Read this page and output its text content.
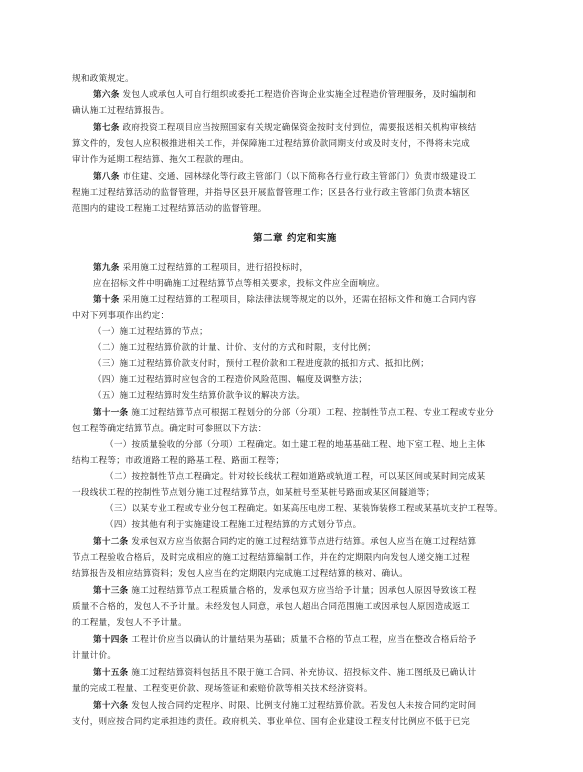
规和政策规定。
第六条 发包人或承包人可自行组织或委托工程造价咨询企业实施全过程造价管理服务，及时编制和
确认施工过程结算报告。
第七条 政府投资工程项目应当按照国家有关规定确保资金按时支付到位，需要报送相关机构审核结
算文件的，发包人应积极推进相关工作，并保障施工过程结算价款同期支付或及时支付，不得将未完成
审计作为延期工程结算、拖欠工程款的理由。
第八条 市住建、交通、园林绿化等行政主管部门（以下简称各行业行政主管部门）负责市级建设工
程施工过程结算活动的监督管理，并指导区县开展监督管理工作；区县各行业行政主管部门负责本辖区
范围内的建设工程施工过程结算活动的监督管理。
第二章 约定和实施
第九条 采用施工过程结算的工程项目，进行招投标时，
应在招标文件中明确施工过程结算节点等相关要求，投标文件应全面响应。
第十条 采用施工过程结算的工程项目，除法律法规等规定的以外，还需在招标文件和施工合同内容
中对下列事项作出约定：
（一）施工过程结算的节点；
（二）施工过程结算价款的计量、计价、支付的方式和时限，支付比例；
（三）施工过程结算价款支付时，预付工程价款和工程进度款的抵扣方式、抵扣比例；
（四）施工过程结算时应包含的工程造价风险范围、幅度及调整方法；
（五）施工过程结算时发生结算价款争议的解决方法。
第十一条 施工过程结算节点可根据工程划分的分部（分项）工程、控制性节点工程、专业工程或专业分
包工程等确定结算节点。确定时可参照以下方法：
（一）按质量验收的分部（分项）工程确定。如土建工程的地基基础工程、地下室工程、地上主体
结构工程等；市政道路工程的路基工程、路面工程等；
（二）按控制性节点工程确定。针对较长线状工程如道路或轨道工程，可以某区间或某时间完成某
一段线状工程的控制性节点划分施工过程结算节点，如某桩号至某桩号路面或某区间隧道等；
（三）以某专业工程或专业分包工程确定。如某高压电房工程、某装饰装修工程或某基坑支护工程等。
（四）按其他有利于实施建设工程施工过程结算的方式划分节点。
第十二条 发承包双方应当依据合同约定的施工过程结算节点进行结算。承包人应当在施工过程结算
节点工程验收合格后，及时完成相应的施工过程结算编制工作，并在约定期限内向发包人递交施工过程
结算报告及相应结算资料；发包人应当在约定期限内完成施工过程结算的核对、确认。
第十三条 施工过程结算节点工程质量合格的，发承包双方应当给予计量；因承包人原因导致该工程
质量不合格的，发包人不予计量。未经发包人同意，承包人超出合同范围施工或因承包人原因造成返工
的工程量，发包人不予计量。
第十四条 工程计价应当以确认的计量结果为基础；质量不合格的节点工程，应当在整改合格后给予
计量计价。
第十五条 施工过程结算资料包括且不限于施工合同、补充协议、招投标文件、施工图纸及已确认计
量的完成工程量、工程变更价款、现场签证和索赔价款等相关技术经济资料。
第十六条 发包人按合同约定程序、时限、比例支付施工过程结算价款。若发包人未按合同约定时间
支付，则应按合同约定承担违约责任。政府机关、事业单位、国有企业建设工程支付比例应不低于已完
